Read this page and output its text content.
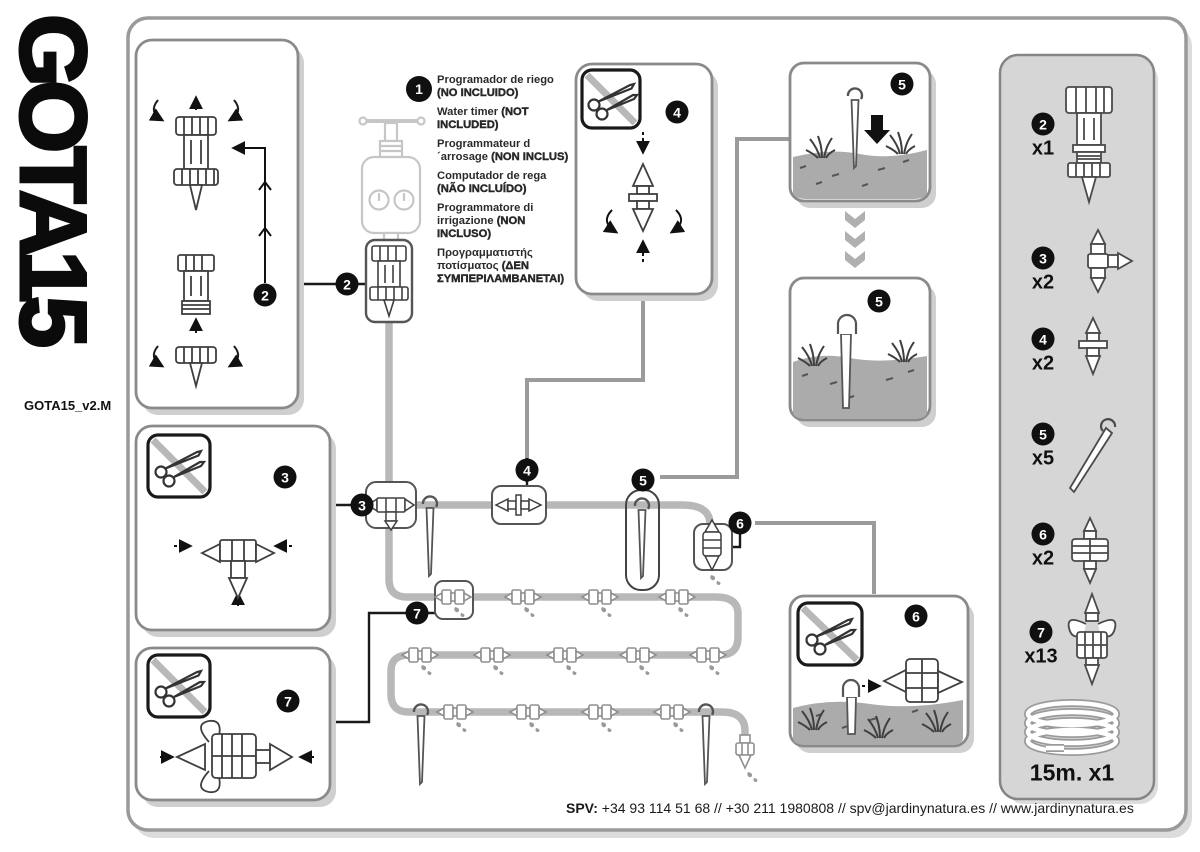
GOTA15
GOTA15_v2.M
Programador de riego (NO INCLUIDO)
Water timer (NOT INCLUDED)
Programmateur d´arrosage (NON INCLUS)
Computador de rega (NÃO INCLUÍDO)
Programmatore di irrigazione (NON INCLUSO)
Προγραμματιστής ποτίσματος (ΔΕΝ ΣΥΜΠΕΡΙΛΑΜΒΑΝΕΤΑΙ)
1
2
2
3
3
4
4
5
5
5
6
6
7
7
2
x1
3
x2
4
x2
5
x5
6
x2
7
x13
15m. x1
SPV: +34 93 114 51 68 // +30 211 1980808 // spv@jardinynatura.es // www.jardinynatura.es
